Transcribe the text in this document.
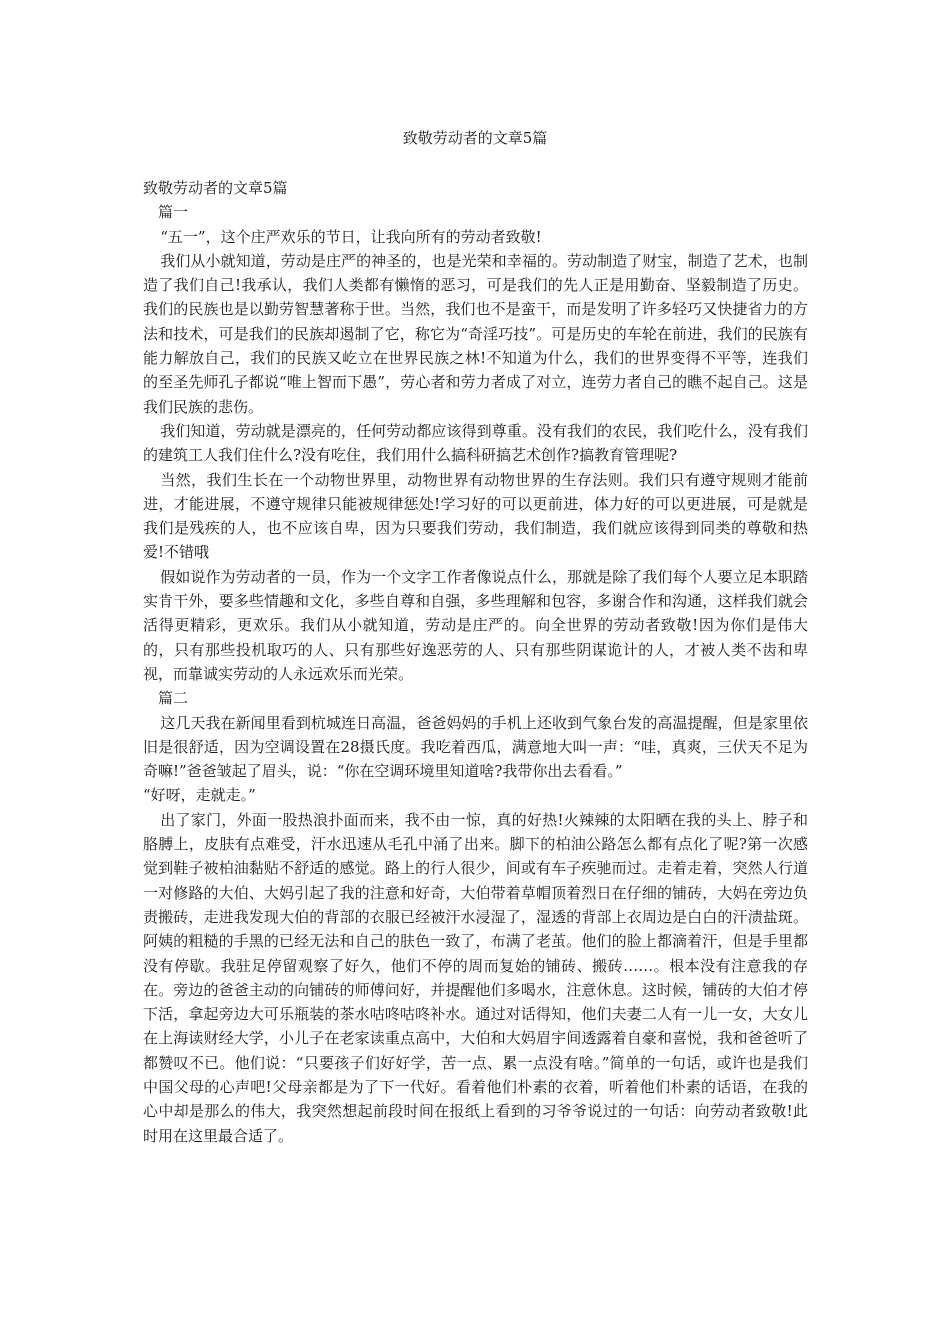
致敬劳动者的文章5篇

致敬劳动者的文章5篇

篇一

“五一”，这个庄严欢乐的节日，让我向所有的劳动者致敬!

我们从小就知道，劳动是庄严的神圣的，也是光荣和幸福的。劳动制造了财宝，制造了艺术，也制造了我们自己!我承认，我们人类都有懒惰的恶习，可是我们的先人正是用勤奋、坚毅制造了历史。我们的民族也是以勤劳智慧著称于世。当然，我们也不是蛮干，而是发明了许多轻巧又快捷省力的方法和技术，可是我们的民族却遏制了它，称它为“奇淫巧技”。可是历史的车轮在前进，我们的民族有能力解放自己，我们的民族又屹立在世界民族之林!不知道为什么，我们的世界变得不平等，连我们的至圣先师孔子都说“唯上智而下愚”，劳心者和劳力者成了对立，连劳力者自己的瞧不起自己。这是我们民族的悲伤。

我们知道，劳动就是漂亮的，任何劳动都应该得到尊重。没有我们的农民，我们吃什么，没有我们的建筑工人我们住什么?没有吃住，我们用什么搞科研搞艺术创作?搞教育管理呢?

当然，我们生长在一个动物世界里，动物世界有动物世界的生存法则。我们只有遵守规则才能前进，才能进展，不遵守规律只能被规律惩处!学习好的可以更前进，体力好的可以更进展，可是就是我们是残疾的人，也不应该自卑，因为只要我们劳动，我们制造，我们就应该得到同类的尊敬和热爱!不错哦

假如说作为劳动者的一员，作为一个文字工作者像说点什么，那就是除了我们每个人要立足本职踏实肯干外，要多些情趣和文化，多些自尊和自强，多些理解和包容，多谢合作和沟通，这样我们就会活得更精彩，更欢乐。我们从小就知道，劳动是庄严的。向全世界的劳动者致敬!因为你们是伟大的，只有那些投机取巧的人、只有那些好逸恶劳的人、只有那些阴谋诡计的人，才被人类不齿和卑视，而靠诚实劳动的人永远欢乐而光荣。

篇二

这几天我在新闻里看到杭城连日高温，爸爸妈妈的手机上还收到气象台发的高温提醒，但是家里依旧是很舒适，因为空调设置在28摄氏度。我吃着西瓜，满意地大叫一声：“哇，真爽，三伏天不足为奇嘛!”爸爸皱起了眉头，说：“你在空调环境里知道啥?我带你出去看看。”

“好呀，走就走。”

出了家门，外面一股热浪扑面而来，我不由一惊，真的好热!火辣辣的太阳晒在我的头上、脖子和胳膊上，皮肤有点难受，汗水迅速从毛孔中涌了出来。脚下的柏油公路怎么都有点化了呢?第一次感觉到鞋子被柏油黏贴不舒适的感觉。路上的行人很少，间或有车子疾驰而过。走着走着，突然人行道一对修路的大伯、大妈引起了我的注意和好奇，大伯带着草帽顶着烈日在仔细的铺砖，大妈在旁边负责搬砖，走进我发现大伯的背部的衣服已经被汗水浸湿了，湿透的背部上衣周边是白白的汗渍盐斑。阿姨的粗糙的手黑的已经无法和自己的肤色一致了，布满了老茧。他们的脸上都滴着汗，但是手里都没有停歇。我驻足停留观察了好久，他们不停的周而复始的铺砖、搬砖……。根本没有注意我的存在。旁边的爸爸主动的向铺砖的师傅问好，并提醒他们多喝水，注意休息。这时候，铺砖的大伯才停下活，拿起旁边大可乐瓶装的茶水咕咚咕咚补水。通过对话得知，他们夫妻二人有一儿一女，大女儿在上海读财经大学，小儿子在老家读重点高中，大伯和大妈眉宇间透露着自豪和喜悦，我和爸爸听了都赞叹不已。他们说：“只要孩子们好好学，苦一点、累一点没有啥。”简单的一句话，或许也是我们中国父母的心声吧!父母亲都是为了下一代好。看着他们朴素的衣着，听着他们朴素的话语，在我的心中却是那么的伟大，我突然想起前段时间在报纸上看到的习爷爷说过的一句话：向劳动者致敬!此时用在这里最合适了。
